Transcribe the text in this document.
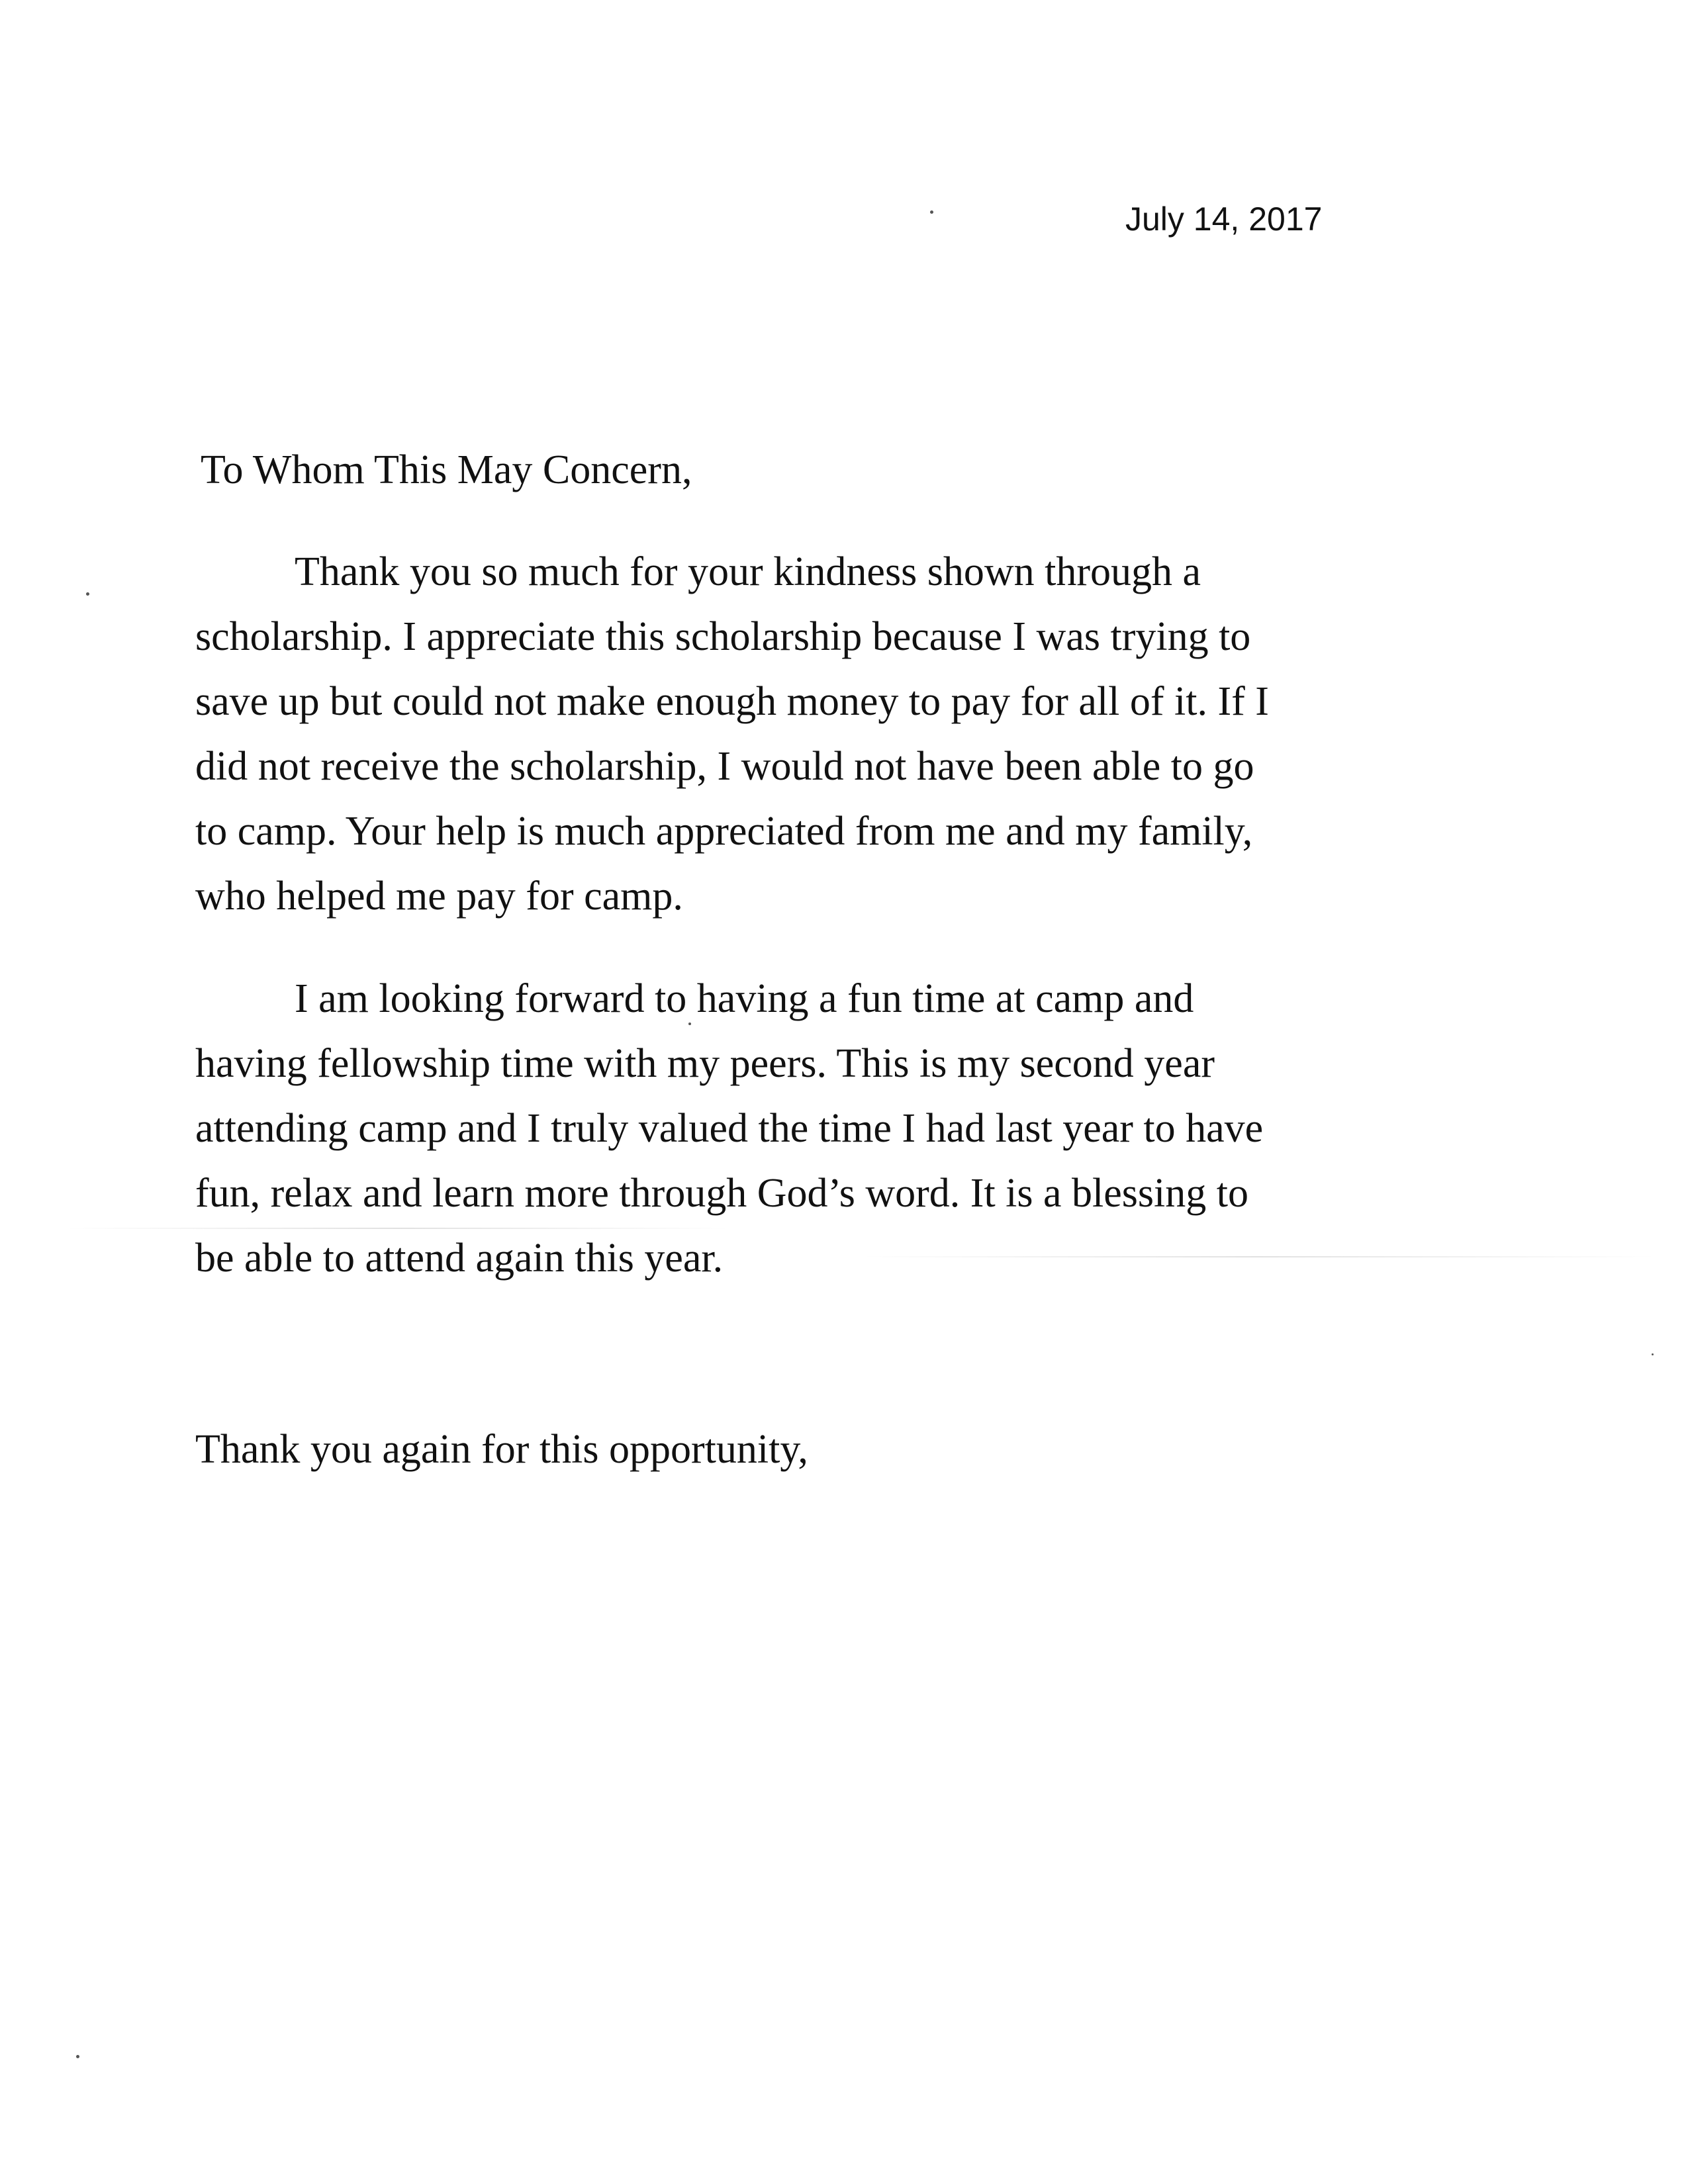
July 14, 2017
To Whom This May Concern,
Thank you so much for your kindness shown through a
scholarship. I appreciate this scholarship because I was trying to
save up but could not make enough money to pay for all of it. If I
did not receive the scholarship, I would not have been able to go
to camp. Your help is much appreciated from me and my family,
who helped me pay for camp.
I am looking forward to having a fun time at camp and
having fellowship time with my peers. This is my second year
attending camp and I truly valued the time I had last year to have
fun, relax and learn more through God’s word. It is a blessing to
be able to attend again this year.
Thank you again for this opportunity,
